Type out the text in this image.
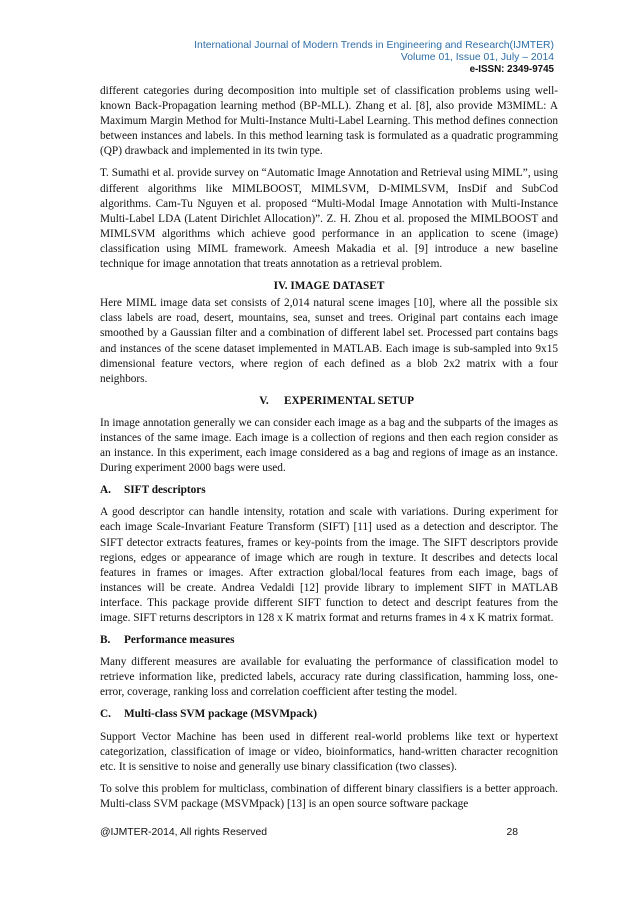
International Journal of Modern Trends in Engineering and Research(IJMTER)
Volume 01, Issue 01, July – 2014
e-ISSN: 2349-9745

different categories during decomposition into multiple set of classification problems using well-known Back-Propagation learning method (BP-MLL). Zhang et al. [8], also provide M3MIML: A Maximum Margin Method for Multi-Instance Multi-Label Learning. This method defines connection between instances and labels. In this method learning task is formulated as a quadratic programming (QP) drawback and implemented in its twin type.

T. Sumathi et al. provide survey on “Automatic Image Annotation and Retrieval using MIML”, using different algorithms like MIMLBOOST, MIMLSVM, D-MIMLSVM, InsDif and SubCod algorithms. Cam-Tu Nguyen et al. proposed “Multi-Modal Image Annotation with Multi-Instance Multi-Label LDA (Latent Dirichlet Allocation)”. Z. H. Zhou et al. proposed the MIMLBOOST and MIMLSVM algorithms which achieve good performance in an application to scene (image) classification using MIML framework. Ameesh Makadia et al. [9] introduce a new baseline technique for image annotation that treats annotation as a retrieval problem.

IV. IMAGE DATASET

Here MIML image data set consists of 2,014 natural scene images [10], where all the possible six class labels are road, desert, mountains, sea, sunset and trees. Original part contains each image smoothed by a Gaussian filter and a combination of different label set. Processed part contains bags and instances of the scene dataset implemented in MATLAB. Each image is sub-sampled into 9x15 dimensional feature vectors, where region of each defined as a blob 2x2 matrix with a four neighbors.

V. EXPERIMENTAL SETUP

In image annotation generally we can consider each image as a bag and the subparts of the images as instances of the same image. Each image is a collection of regions and then each region consider as an instance. In this experiment, each image considered as a bag and regions of image as an instance. During experiment 2000 bags were used.

A. SIFT descriptors

A good descriptor can handle intensity, rotation and scale with variations. During experiment for each image Scale-Invariant Feature Transform (SIFT) [11] used as a detection and descriptor. The SIFT detector extracts features, frames or key-points from the image. The SIFT descriptors provide regions, edges or appearance of image which are rough in texture. It describes and detects local features in frames or images. After extraction global/local features from each image, bags of instances will be create. Andrea Vedaldi [12] provide library to implement SIFT in MATLAB interface. This package provide different SIFT function to detect and descript features from the image. SIFT returns descriptors in 128 x K matrix format and returns frames in 4 x K matrix format.

B. Performance measures

Many different measures are available for evaluating the performance of classification model to retrieve information like, predicted labels, accuracy rate during classification, hamming loss, one-error, coverage, ranking loss and correlation coefficient after testing the model.

C. Multi-class SVM package (MSVMpack)

Support Vector Machine has been used in different real-world problems like text or hypertext categorization, classification of image or video, bioinformatics, hand-written character recognition etc. It is sensitive to noise and generally use binary classification (two classes).

To solve this problem for multiclass, combination of different binary classifiers is a better approach. Multi-class SVM package (MSVMpack) [13] is an open source software package

@IJMTER-2014, All rights Reserved	28
